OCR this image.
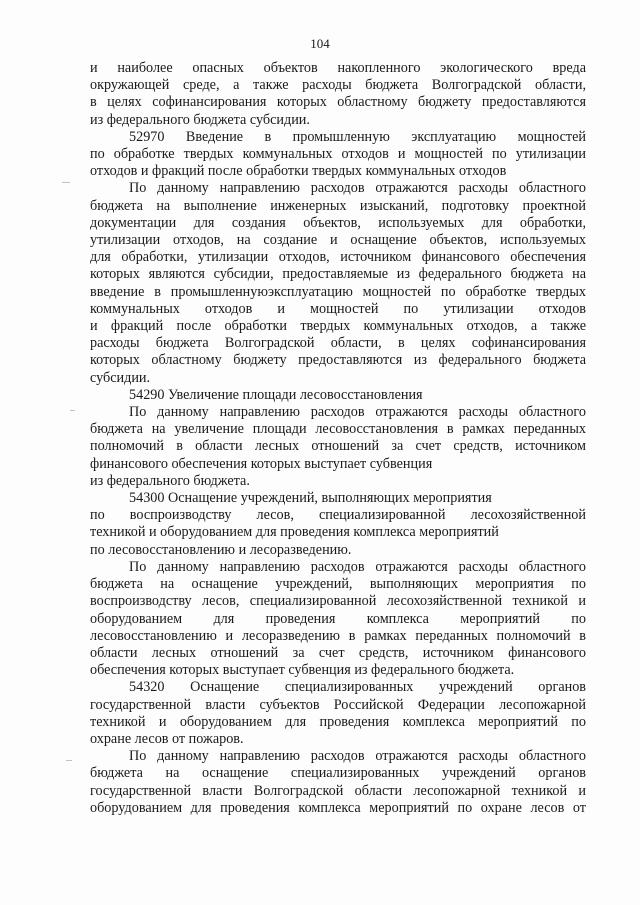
104
и наиболее опасных объектов накопленного экологического вреда
окружающей среде, а также расходы бюджета Волгоградской области,
в целях софинансирования которых областному бюджету предоставляются
из федерального бюджета субсидии.
52970 Введение в промышленную эксплуатацию мощностей
по обработке твердых коммунальных отходов и мощностей по утилизации
отходов и фракций после обработки твердых коммунальных отходов
По данному направлению расходов отражаются расходы областного
бюджета на выполнение инженерных изысканий, подготовку проектной
документации для создания объектов, используемых для обработки,
утилизации отходов, на создание и оснащение объектов, используемых
для обработки, утилизации отходов, источником финансового обеспечения
которых являются субсидии, предоставляемые из федерального бюджета на
введение в промышленнуюэксплуатацию мощностей по обработке твердых
коммунальных отходов и мощностей по утилизации отходов
и фракций после обработки твердых коммунальных отходов, а также
расходы бюджета Волгоградской области, в целях софинансирования
которых областному бюджету предоставляются из федерального бюджета
субсидии.
54290 Увеличение площади лесовосстановления
По данному направлению расходов отражаются расходы областного
бюджета на увеличение площади лесовосстановления в рамках переданных
полномочий в области лесных отношений за счет средств, источником
финансового обеспечения которых выступает субвенция
из федерального бюджета.
54300 Оснащение учреждений, выполняющих мероприятия
по воспроизводству лесов, специализированной лесохозяйственной
техникой и оборудованием для проведения комплекса мероприятий
по лесовосстановлению и лесоразведению.
По данному направлению расходов отражаются расходы областного
бюджета на оснащение учреждений, выполняющих мероприятия по
воспроизводству лесов, специализированной лесохозяйственной техникой и
оборудованием для проведения комплекса мероприятий по
лесовосстановлению и лесоразведению в рамках переданных полномочий в
области лесных отношений за счет средств, источником финансового
обеспечения которых выступает субвенция из федерального бюджета.
54320 Оснащение специализированных учреждений органов
государственной власти субъектов Российской Федерации лесопожарной
техникой и оборудованием для проведения комплекса мероприятий по
охране лесов от пожаров.
По данному направлению расходов отражаются расходы областного
бюджета на оснащение специализированных учреждений органов
государственной власти Волгоградской области лесопожарной техникой и
оборудованием для проведения комплекса мероприятий по охране лесов от
